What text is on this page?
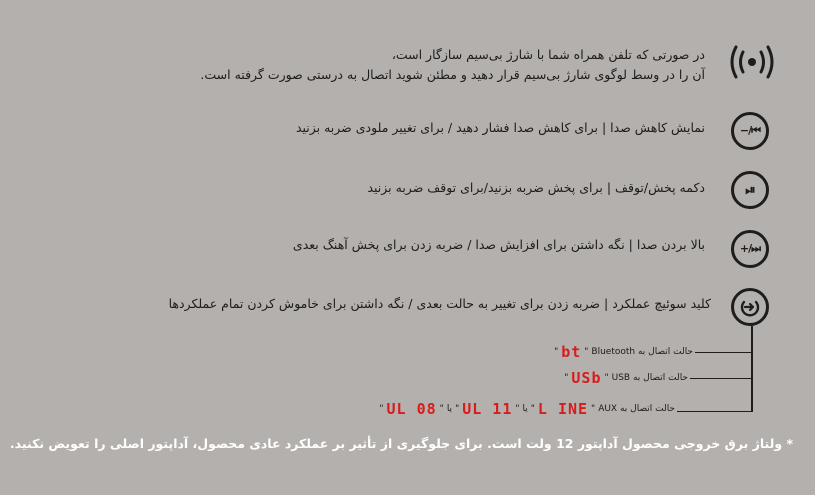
در صورتی که تلفن همراه شما با شارژ بی‌سیم سازگار است،
آن را در وسط لوگوی شارژ بی‌سیم قرار دهید و مطئن شوید اتصال به درستی صورت گرفته است.
−/⏮
نمایش کاهش صدا | برای کاهش صدا فشار دهید / برای تغییر ملودی ضربه بزنید
⏯
دکمه پخش/توقف | برای پخش ضربه بزنید/برای توقف ضربه بزنید
+/⏭
بالا بردن صدا | نگه داشتن برای افزایش صدا / ضربه زدن برای پخش آهنگ بعدی
کلید سوئیچ عملکرد | ضربه زدن برای تغییر به حالت بعدی / نگه داشتن برای خاموش کردن تمام عملکردها
حالت اتصال به Bluetooth
"
bt
"
حالت اتصال به USB
"
USb
"
حالت اتصال به AUX
"
L INE
"
یا
"
UL 11
"
یا
"
UL 08
"
* ولتاژ برق خروجی محصول آداپتور 12 ولت است. برای جلوگیری از تأثیر بر عملکرد عادی محصول، آداپتور اصلی را تعویض نکنید.
